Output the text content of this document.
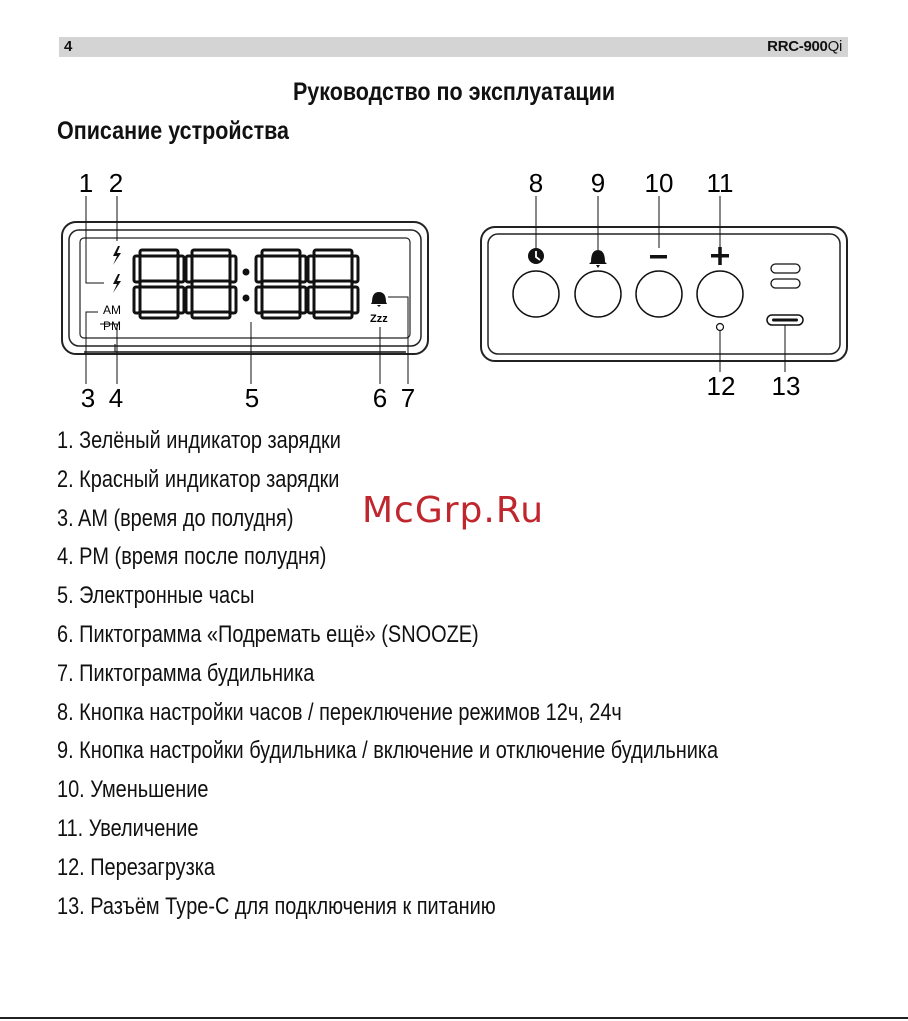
4	RRC-900Qi
Руководство по эксплуатации
Описание устройства
AM
PM	Zzz
1 2
3 4	5	6 7
8 9 10 11
12 13
1. Зелёный индикатор зарядки
2. Красный индикатор зарядки
3. AM (время до полудня)
4. PM (время после полудня)
5. Электронные часы
6. Пиктограмма «Подремать ещё» (SNOOZE)
7. Пиктограмма будильника
8. Кнопка настройки часов / переключение режимов 12ч, 24ч
9. Кнопка настройки будильника / включение и отключение будильника
10. Уменьшение
11. Увеличение
12. Перезагрузка
13. Разъём Type-C для подключения к питанию
McGrp.Ru
